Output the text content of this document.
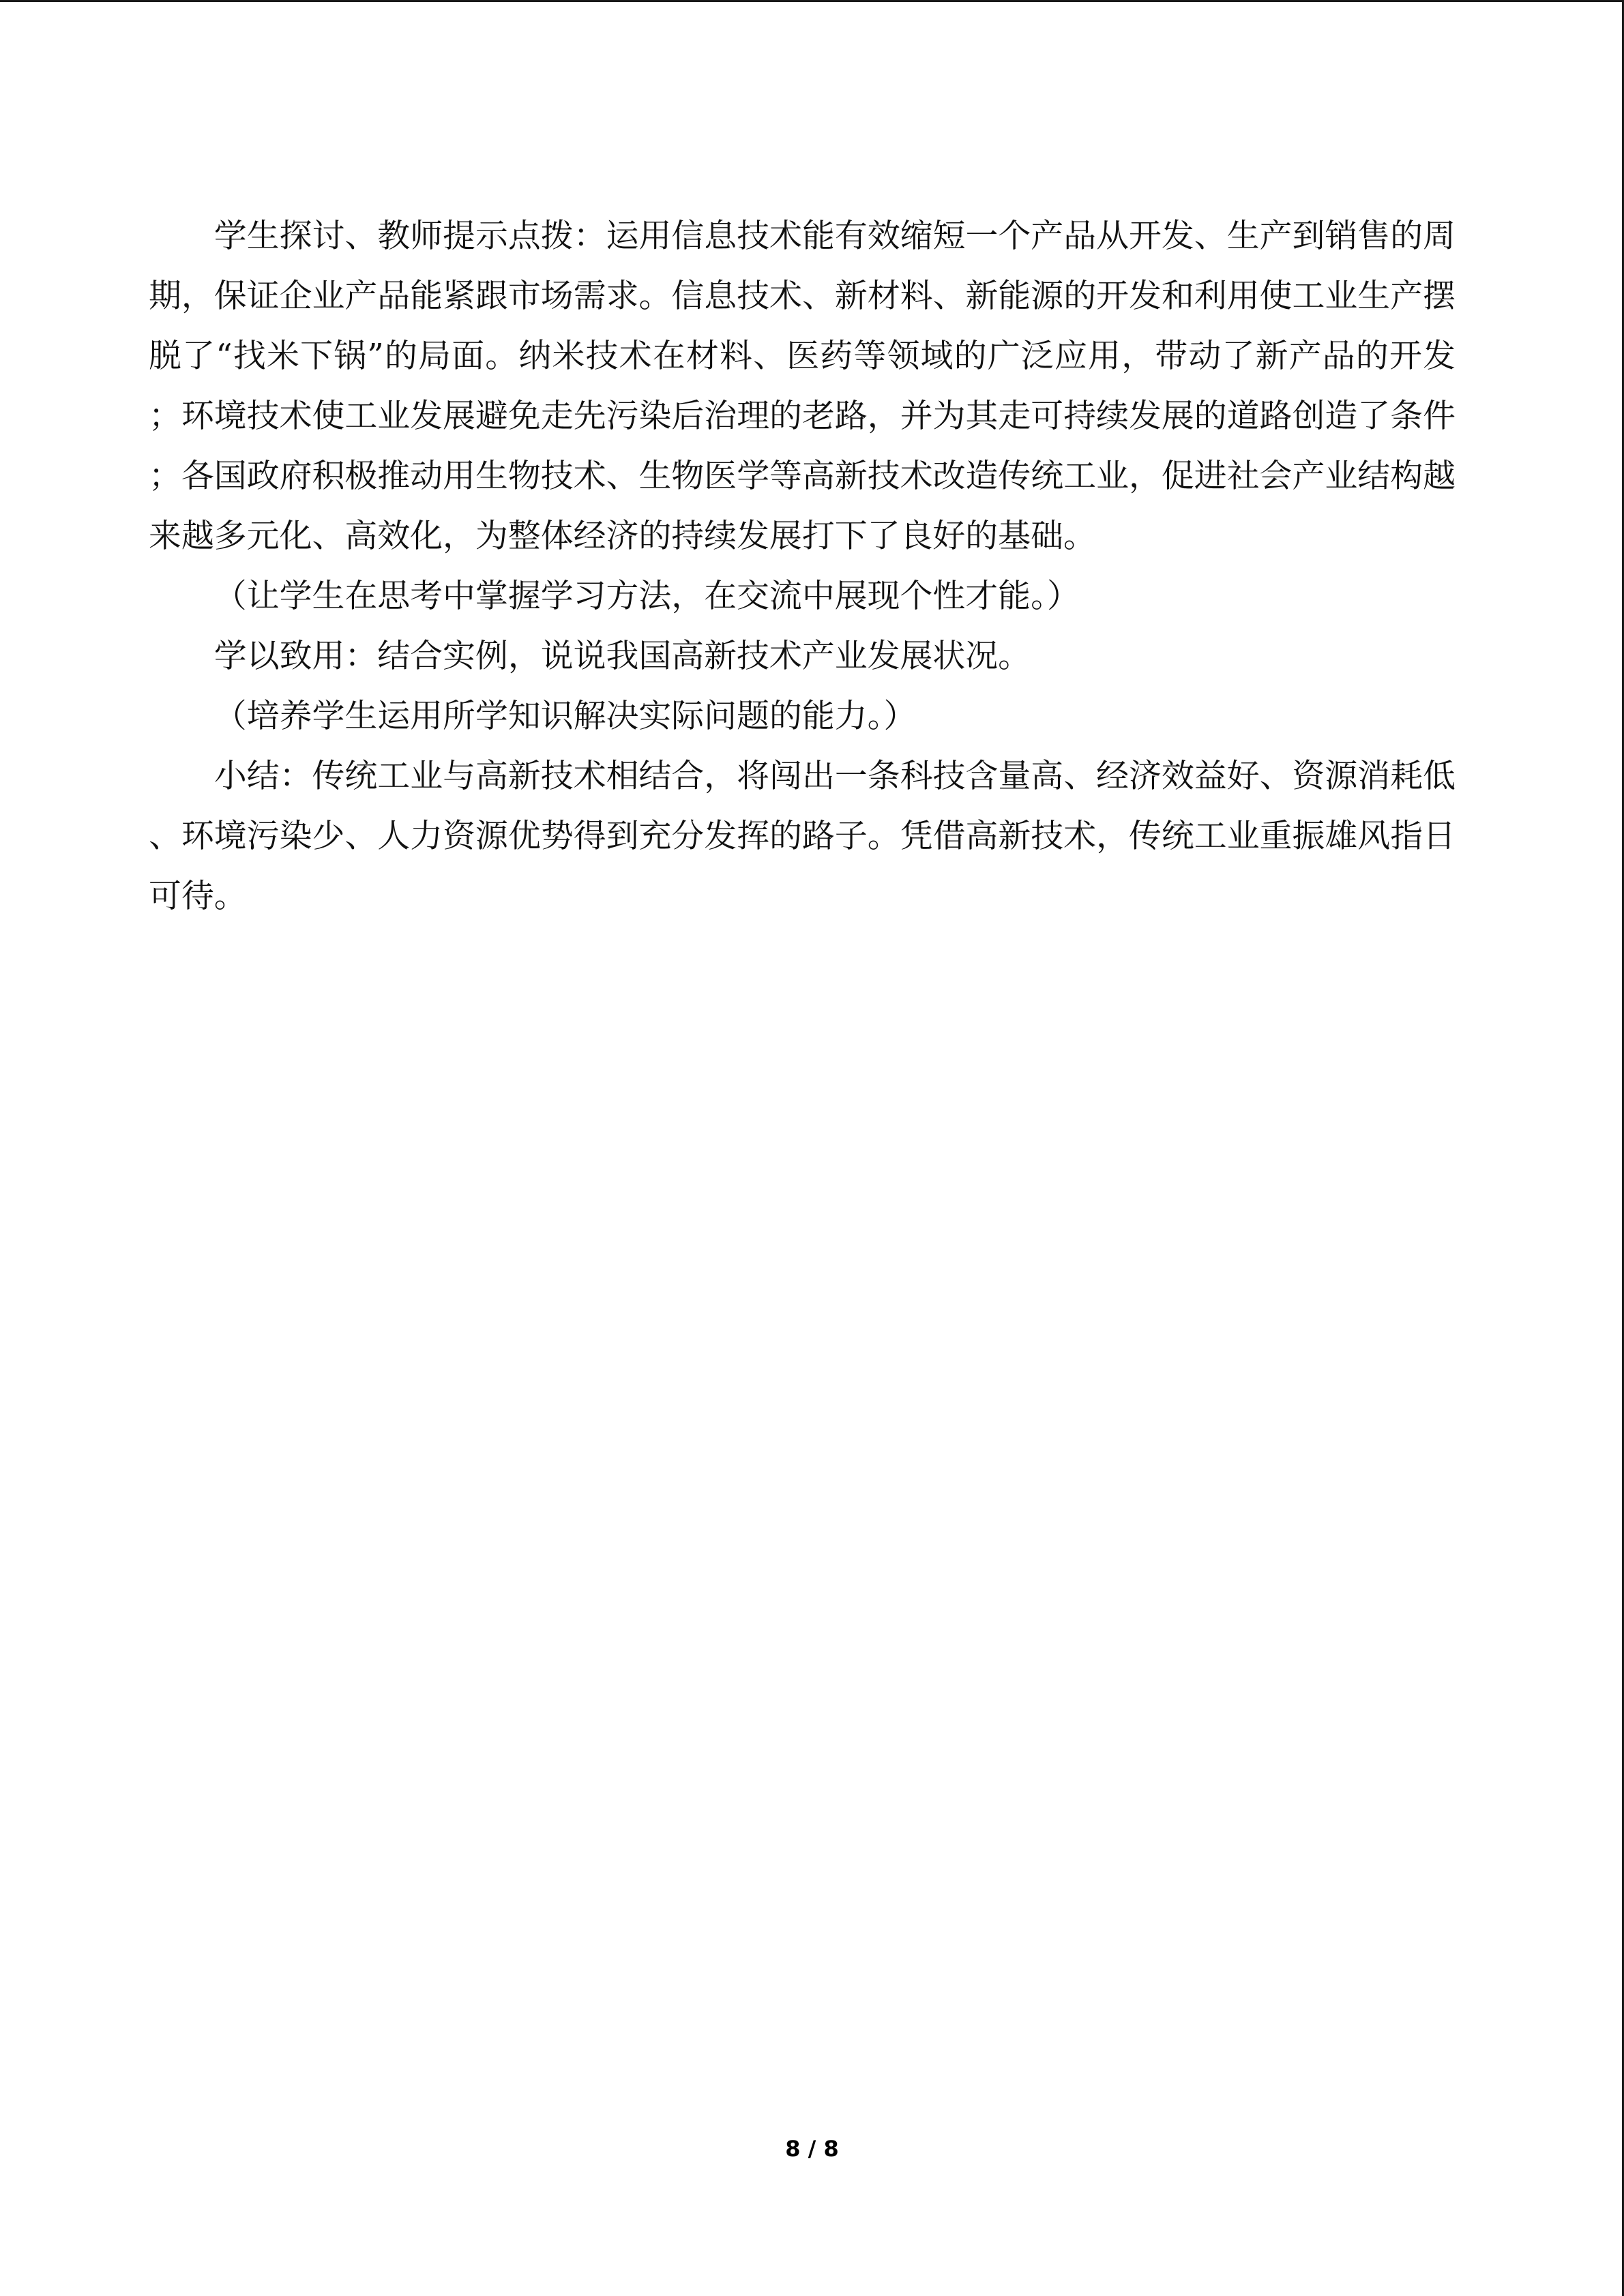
学生探讨、教师提示点拨：运用信息技术能有效缩短一个产品从开发、生产到销售的周期，保证企业产品能紧跟市场需求。信息技术、新材料、新能源的开发和利用使工业生产摆脱了“找米下锅”的局面。纳米技术在材料、医药等领域的广泛应用，带动了新产品的开发；环境技术使工业发展避免走先污染后治理的老路，并为其走可持续发展的道路创造了条件；各国政府积极推动用生物技术、生物医学等高新技术改造传统工业，促进社会产业结构越来越多元化、高效化，为整体经济的持续发展打下了良好的基础。

（让学生在思考中掌握学习方法，在交流中展现个性才能。）

学以致用：结合实例，说说我国高新技术产业发展状况。

（培养学生运用所学知识解决实际问题的能力。）

小结：传统工业与高新技术相结合，将闯出一条科技含量高、经济效益好、资源消耗低、环境污染少、人力资源优势得到充分发挥的路子。凭借高新技术，传统工业重振雄风指日可待。

8 / 8
